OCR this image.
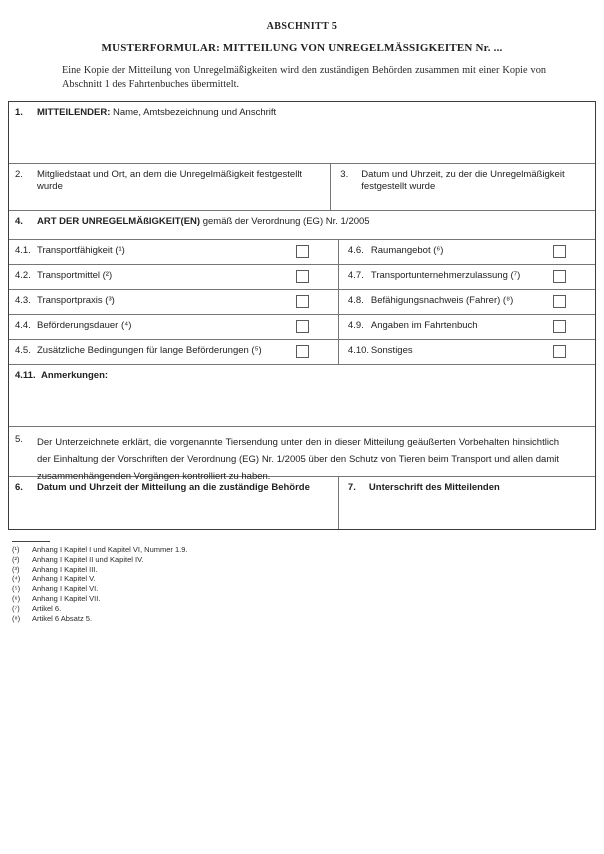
ABSCHNITT 5
MUSTERFORMULAR: MITTEILUNG VON UNREGELMÄSSIGKEITEN Nr. ...

Eine Kopie der Mitteilung von Unregelmäßigkeiten wird den zuständigen Behörden zusammen mit einer Kopie von Abschnitt 1 des Fahrtenbuches übermittelt.

1.	MITTEILENDER: Name, Amtsbezeichnung und Anschrift
2.	Mitgliedstaat und Ort, an dem die Unregelmäßigkeit festgestellt wurde
3.	Datum und Uhrzeit, zu der die Unregelmäßigkeit festgestellt wurde
4.	ART DER UNREGELMÄßIGKEIT(EN) gemäß der Verordnung (EG) Nr. 1/2005
4.1. Transportfähigkeit (¹)	4.6. Raumangebot (⁶)
4.2. Transportmittel (²)	4.7. Transportunternehmerzulassung (⁷)
4.3. Transportpraxis (³)	4.8. Befähigungsnachweis (Fahrer) (⁸)
4.4. Beförderungsdauer (⁴)	4.9. Angaben im Fahrtenbuch
4.5. Zusätzliche Bedingungen für lange Beförderungen (⁵)	4.10. Sonstiges
4.11. Anmerkungen:
5.	Der Unterzeichnete erklärt, die vorgenannte Tiersendung unter den in dieser Mitteilung geäußerten Vorbehalten hinsichtlich der Einhaltung der Vorschriften der Verordnung (EG) Nr. 1/2005 über den Schutz von Tieren beim Transport und allen damit zusammenhängenden Vorgängen kontrolliert zu haben.
6.	Datum und Uhrzeit der Mitteilung an die zuständige Behörde	7.	Unterschrift des Mitteilenden
(¹)	Anhang I Kapitel I und Kapitel VI, Nummer 1.9.
(²)	Anhang I Kapitel II und Kapitel IV.
(³)	Anhang I Kapitel III.
(⁴)	Anhang I Kapitel V.
(⁵)	Anhang I Kapitel VI.
(⁶)	Anhang I Kapitel VII.
(⁷)	Artikel 6.
(⁸)	Artikel 6 Absatz 5.
